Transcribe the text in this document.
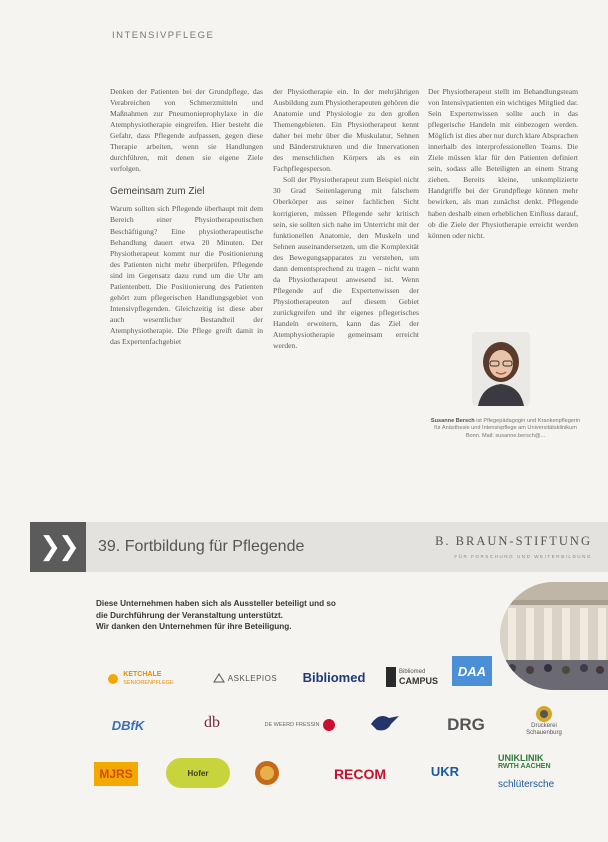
INTENSIVPFLEGE

Denken der Patienten bei der Grundpflege, das Verabreichen von Schmerzmitteln und Maßnahmen zur Pneumonieprophylaxe in die Atemphysiotherapie eingreifen. Hier besteht die Gefahr, dass Pflegende aufpassen, gegen diese Therapie arbeiten, wenn sie Handlungen durchführen, mit denen sie eigene Ziele verfolgen.

Gemeinsam zum Ziel

Warum sollten sich Pflegende überhaupt mit dem Bereich einer Physiotherapeutischen Beschäftigung? Eine physiotherapeutische Behandlung dauert etwa 20 Minuten. Der Physiotherapeut kommt nur die Positionierung des Patienten nicht mehr überprüfen. Pflegende sind im Gegensatz dazu rund um die Uhr am Patientenbett. Die Positionierung des Patienten gehört zum pflegerischen Handlungsgebiet von Intensivpflegenden. Gleichzeitig ist diese aber auch wesentlicher Bestandteil der Atemphysiotherapie. Die Pflege greift damit in das Expertenfachgebiet

der Physiotherapie ein. In der mehrjährigen Ausbildung zum Physiotherapeuten gehören die Anatomie und Physiologie zu den großen Themengebieten. Ein Physiotherapeut kennt daher bei mehr über die Muskulatur, Sehnen und Bänderstrukturen und die Innervationen des menschlichen Körpers als es ein Fachpflegesperson.

Soll der Physiotherapeut zum Beispiel nicht 30 Grad Seitenlagerung mit falschem Oberkörper aus seiner fachlichen Sicht korrigieren, müssen Pflegende sehr kritisch sein, sie sollten sich nahe im Unterricht mit der funktionellen Anatomie, den Muskeln und Sehnen auseinandersetzen, um die Komplexität des Bewegungsapparates zu verstehen, um dann dementsprechend zu tragen – nicht wann da Physiotherapeut anwesend ist. Wenn Pflegende auf die Expertenwissen der Physiotherapeuten auf diesem Gebiet zurückgreifen und ihr eigenes pflegerisches Handeln erweitern, kann das Ziel der Atemphysiotherapie gemeinsam erreicht werden.

Der Physiotherapeut stellt im Behandlungsteam von Intensivpatienten ein wichtiges Mitglied dar. Sein Expertenwissen sollte auch in das pflegerische Handeln mit einbezogen werden. Möglich ist dies aber nur durch klare Absprachen innerhalb des interprofessionellen Teams. Die Ziele müssen klar für den Patienten definiert sein, sodass alle Beteiligten an einem Strang ziehen. Bereits kleine, unkomplizierte Handgriffe bei der Grundpflege können mehr bewirken, als man zunächst denkt. Pflegende haben deshalb einen erheblichen Einfluss darauf, ob die Ziele der Physiotherapie erreicht werden können oder nicht.

Susanne Bersch ist Pflegepädagogin und Krankenpflegerin für Anästhesie und Intensivpflege am Universitätsklinikum Bonn. Mail: susanne.bersch@...
❯❯ 39. Fortbildung für Pflegende	B. BRAUN-STIFTUNG
FÜR FORSCHUNG UND WEITERBILDUNG
Diese Unternehmen haben sich als Aussteller beteiligt und so
die Durchführung der Veranstaltung unterstützt.
Wir danken den Unternehmen für ihre Beteiligung.
KETCHALE
SENIORENPFLEGE
ASKLEPIOS Bibliomed	Bibliomed
CAMPUS
DAA
DBfK	db	DE WEERD FRESSIN	DRG	Druckerei
Schauenburg
MJRS	Hofer	RECOM	UKR
UNIKLINIK
RWTH AACHEN
schlütersche
